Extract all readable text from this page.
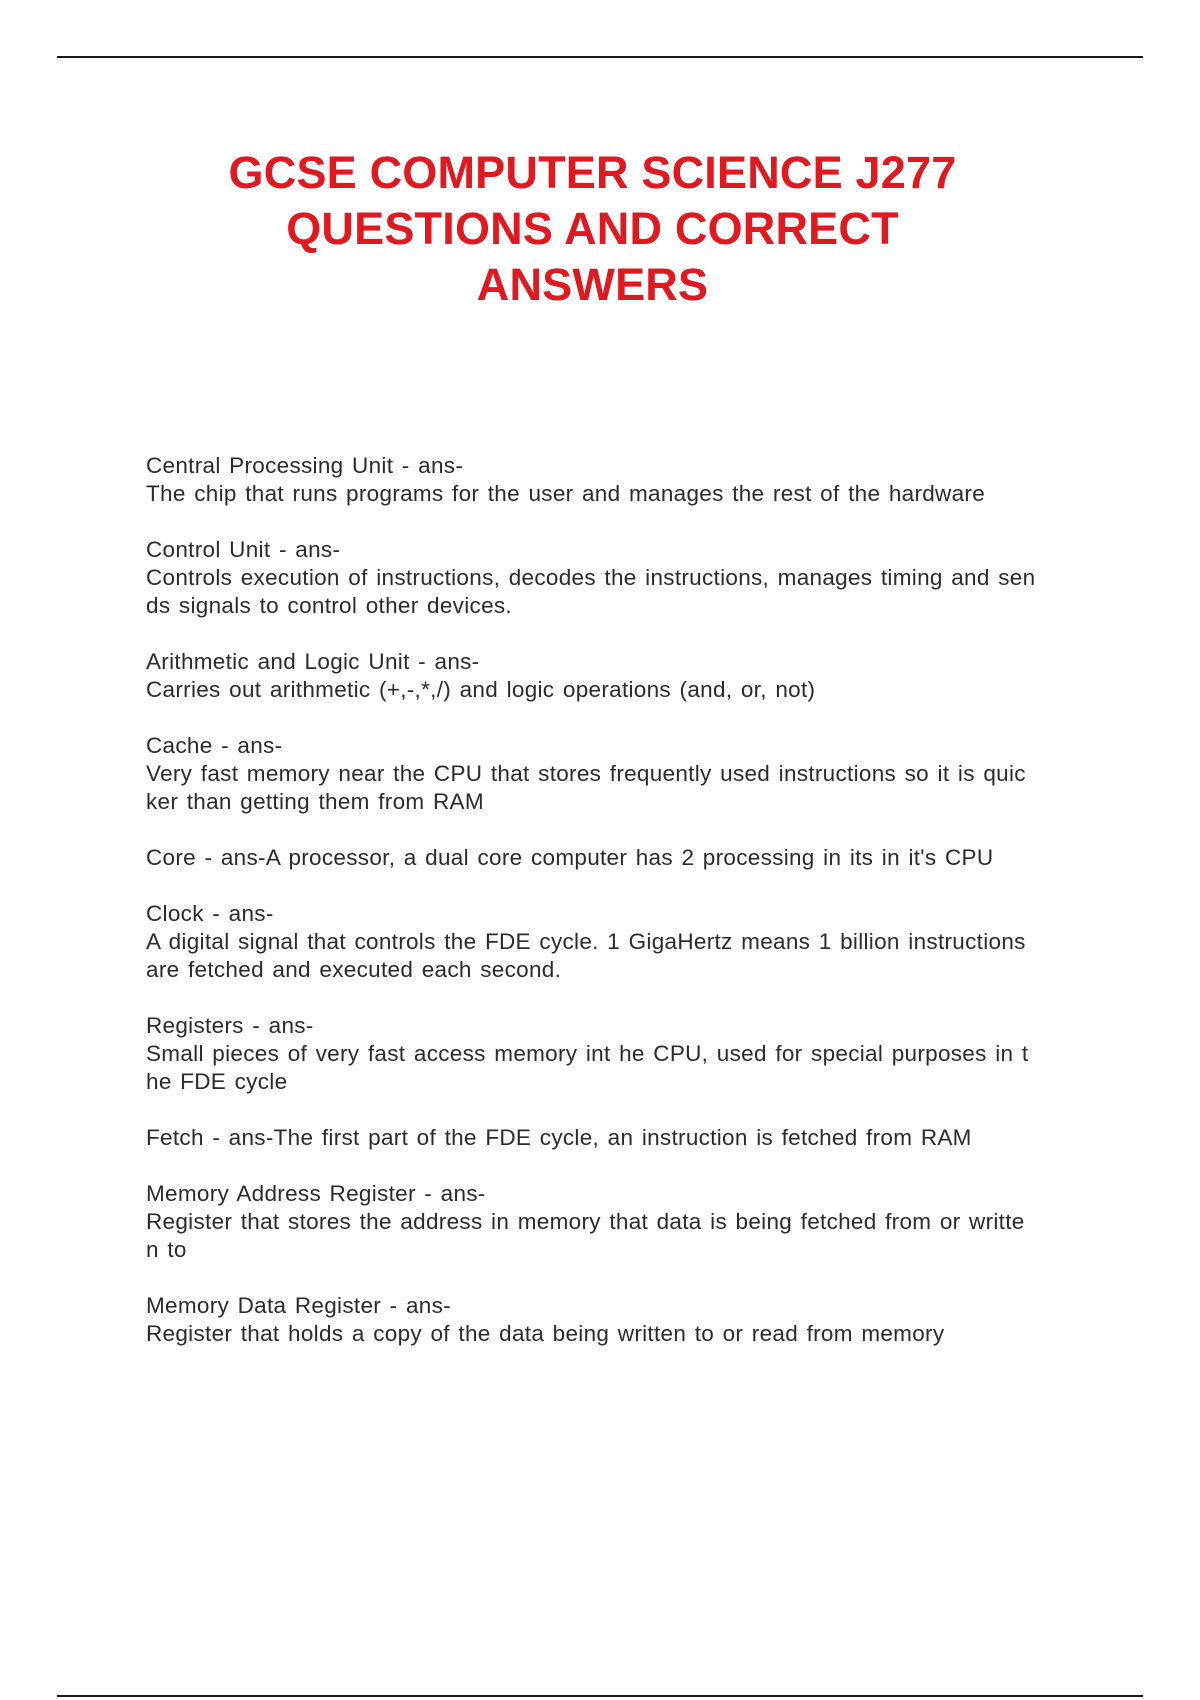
GCSE COMPUTER SCIENCE J277
QUESTIONS AND CORRECT
ANSWERS

Central Processing Unit - ans-
The chip that runs programs for the user and manages the rest of the hardware

Control Unit - ans-
Controls execution of instructions, decodes the instructions, manages timing and sen
ds signals to control other devices.

Arithmetic and Logic Unit - ans-
Carries out arithmetic (+,-,*,/) and logic operations (and, or, not)

Cache - ans-
Very fast memory near the CPU that stores frequently used instructions so it is quic
ker than getting them from RAM

Core - ans-A processor, a dual core computer has 2 processing in its in it's CPU

Clock - ans-
A digital signal that controls the FDE cycle. 1 GigaHertz means 1 billion instructions
are fetched and executed each second.

Registers - ans-
Small pieces of very fast access memory int he CPU, used for special purposes in t
he FDE cycle

Fetch - ans-The first part of the FDE cycle, an instruction is fetched from RAM

Memory Address Register - ans-
Register that stores the address in memory that data is being fetched from or writte
n to

Memory Data Register - ans-
Register that holds a copy of the data being written to or read from memory
